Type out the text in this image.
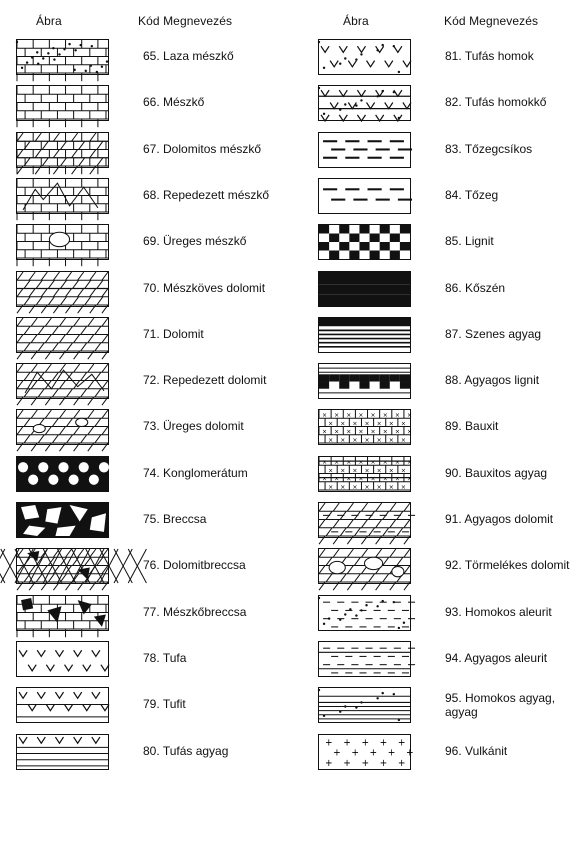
Ábra	Kód Megnevezés	Ábra	Kód Megnevezés
65. Laza mészkő
66. Mészkő
67. Dolomitos mészkő
68. Repedezett mészkő
69. Üreges mészkő
70. Mészköves dolomit
71. Dolomit
72. Repedezett dolomit
73. Üreges dolomit
74. Konglomerátum
75. Breccsa
76. Dolomitbreccsa
77. Mészkőbreccsa
78. Tufa
79. Tufit
80. Tufás agyag
81. Tufás homok
82. Tufás homokkő
83. Tőzegcsíkos
84. Tőzeg
85. Lignit
86. Kőszén
87. Szenes agyag
88. Agyagos lignit
× × × × × × × ×
× × × × × × ×
× × × × × × × ×
× × × × × × ×
89. Bauxit
× × × × × × × ×
× × × × × × ×
× × × × × × × ×
× × × × × × ×
90. Bauxitos agyag
91. Agyagos dolomit
92. Törmelékes dolomit
93. Homokos aleurit
94. Agyagos aleurit
95. Homokos agyag,
agyag
+ + + + +
+ + + + +
+ + + + +
96. Vulkánit
